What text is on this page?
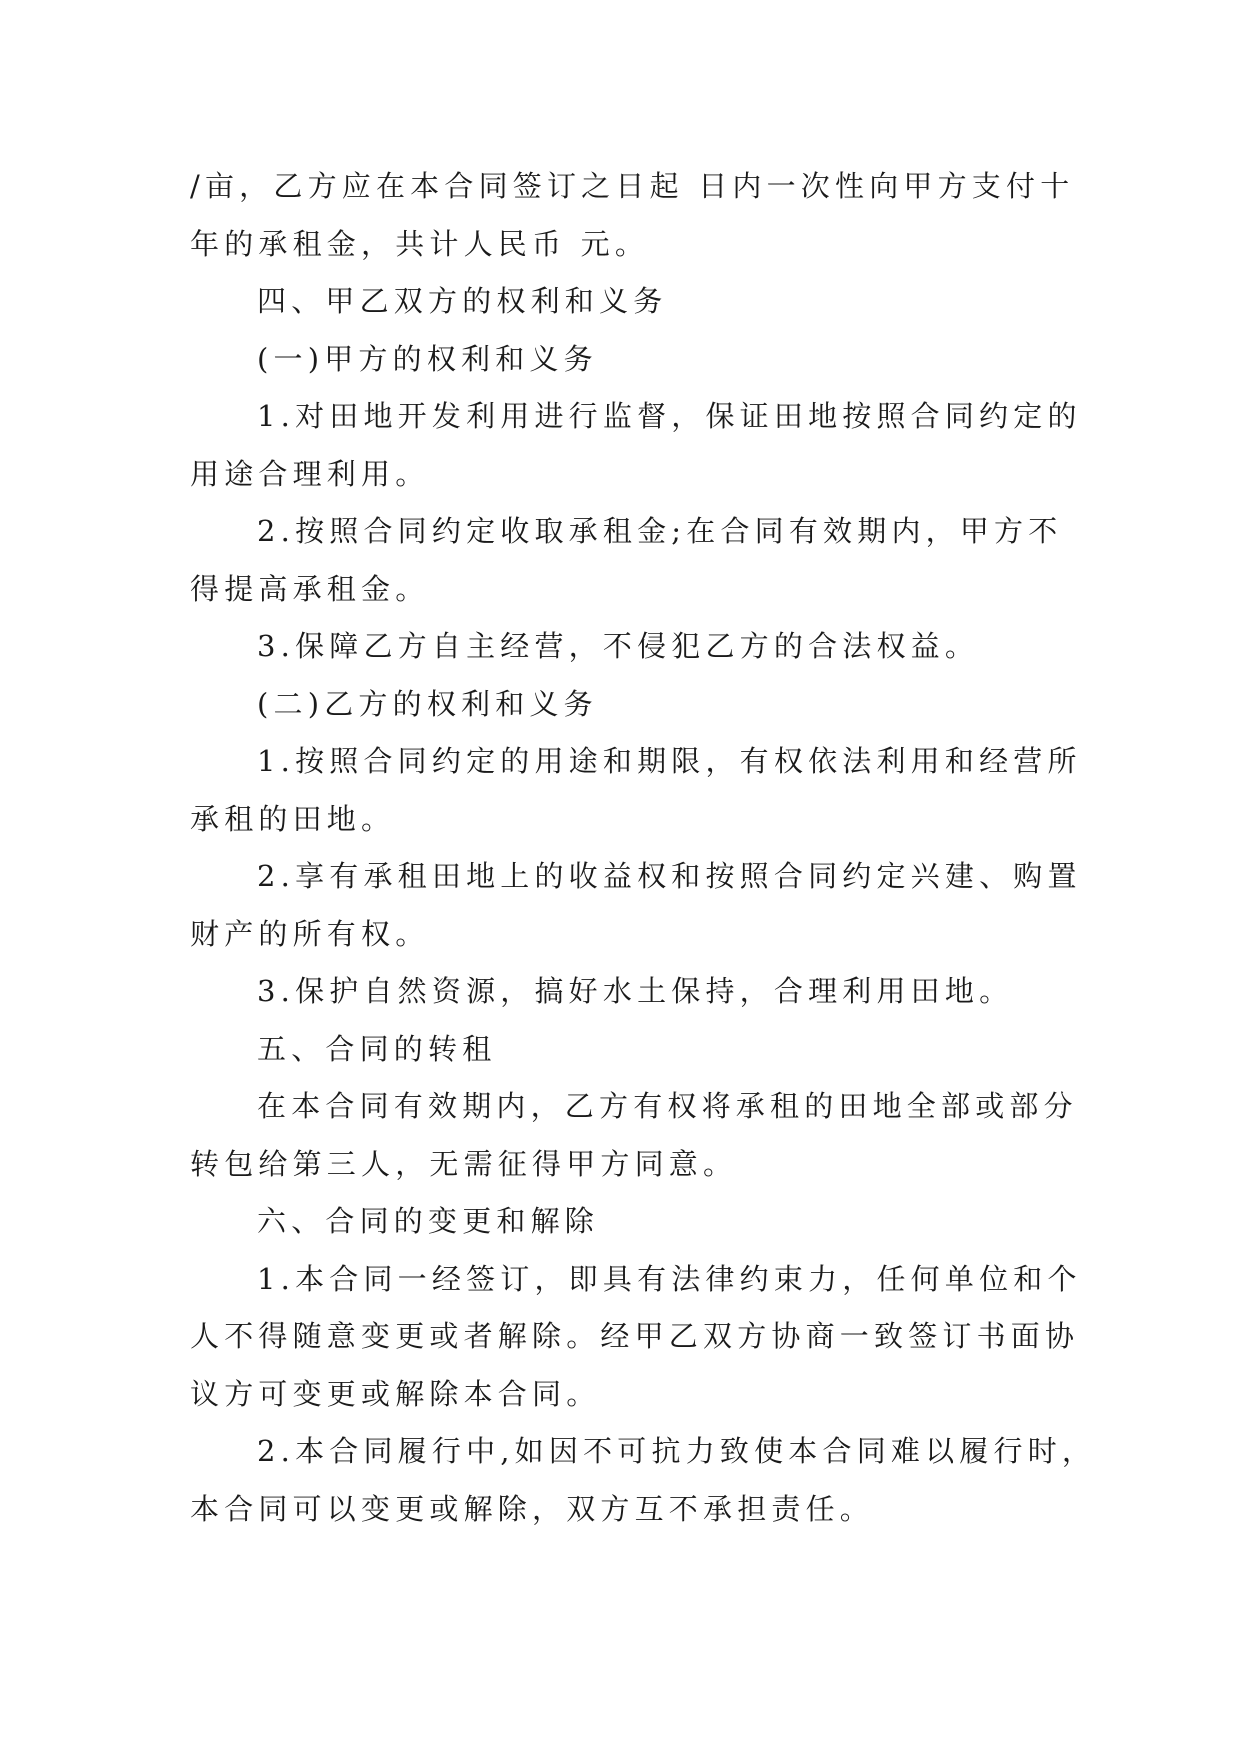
/亩，乙方应在本合同签订之日起 日内一次性向甲方支付十
年的承租金，共计人民币 元。

四、甲乙双方的权利和义务

(一)甲方的权利和义务

1.对田地开发利用进行监督，保证田地按照合同约定的
用途合理利用。

2.按照合同约定收取承租金;在合同有效期内，甲方不
得提高承租金。

3.保障乙方自主经营，不侵犯乙方的合法权益。

(二)乙方的权利和义务

1.按照合同约定的用途和期限，有权依法利用和经营所
承租的田地。

2.享有承租田地上的收益权和按照合同约定兴建、购置
财产的所有权。

3.保护自然资源，搞好水土保持，合理利用田地。

五、合同的转租

在本合同有效期内，乙方有权将承租的田地全部或部分
转包给第三人，无需征得甲方同意。

六、合同的变更和解除

1.本合同一经签订，即具有法律约束力，任何单位和个
人不得随意变更或者解除。经甲乙双方协商一致签订书面协
议方可变更或解除本合同。

2.本合同履行中,如因不可抗力致使本合同难以履行时，
本合同可以变更或解除，双方互不承担责任。
